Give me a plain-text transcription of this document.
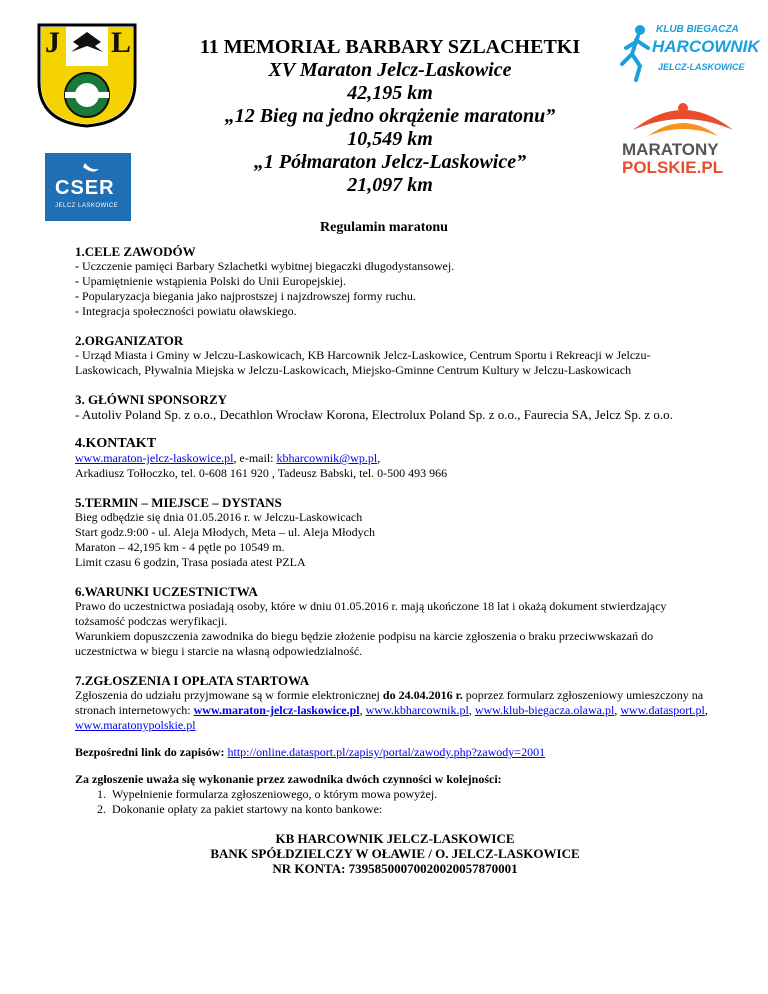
J L
CSER
JELCZ LASKOWICE
KLUB BIEGACZA
HARCOWNIK
JELCZ-LASKOWICE
MARATONY
POLSKIE.PL
11 MEMORIAŁ BARBARY SZLACHETKI
XV Maraton Jelcz-Laskowice
42,195 km
„12 Bieg na jedno okrążenie maratonu”
10,549 km
„1 Półmaraton Jelcz-Laskowice”
21,097 km
Regulamin maratonu

1.CELE ZAWODÓW

- Uczczenie pamięci Barbary Szlachetki wybitnej biegaczki długodystansowej.

- Upamiętnienie wstąpienia Polski do Unii Europejskiej.

- Popularyzacja biegania jako najprostszej i najzdrowszej formy ruchu.

- Integracja społeczności powiatu oławskiego.

2.ORGANIZATOR

- Urząd Miasta i Gminy w Jelczu-Laskowicach, KB Harcownik Jelcz-Laskowice, Centrum Sportu i Rekreacji w Jelczu-Laskowicach, Pływalnia Miejska w Jelczu-Laskowicach, Miejsko-Gminne Centrum Kultury w Jelczu-Laskowicach

3. GŁÓWNI SPONSORZY

- Autoliv Poland Sp. z o.o., Decathlon Wrocław Korona, Electrolux Poland Sp. z o.o., Faurecia SA, Jelcz Sp. z o.o.

4.KONTAKT

www.maraton-jelcz-laskowice.pl, e-mail: kbharcownik@wp.pl,

Arkadiusz Tołłoczko, tel. 0-608 161 920 , Tadeusz Babski, tel. 0-500 493 966

5.TERMIN – MIEJSCE – DYSTANS

Bieg odbędzie się dnia 01.05.2016 r. w Jelczu-Laskowicach

Start godz.9:00 - ul. Aleja Młodych, Meta – ul. Aleja Młodych

Maraton – 42,195 km - 4 pętle po 10549 m.

Limit czasu 6 godzin, Trasa posiada atest PZLA

6.WARUNKI UCZESTNICTWA

Prawo do uczestnictwa posiadają osoby, które w dniu 01.05.2016 r. mają ukończone 18 lat i okażą dokument stwierdzający tożsamość podczas weryfikacji.

Warunkiem dopuszczenia zawodnika do biegu będzie złożenie podpisu na karcie zgłoszenia o braku przeciwwskazań do uczestnictwa w biegu i starcie na własną odpowiedzialność.

7.ZGŁOSZENIA I OPŁATA STARTOWA

Zgłoszenia do udziału przyjmowane są w formie elektronicznej do 24.04.2016 r. poprzez formularz zgłoszeniowy umieszczony na stronach internetowych: www.maraton-jelcz-laskowice.pl, www.kbharcownik.pl, www.klub-biegacza.olawa.pl, www.datasport.pl, www.maratonypolskie.pl

Bezpośredni link do zapisów: http://online.datasport.pl/zapisy/portal/zawody.php?zawody=2001

Za zgłoszenie uważa się wykonanie przez zawodnika dwóch czynności w kolejności:

1. Wypełnienie formularza zgłoszeniowego, o którym mowa powyżej.

2. Dokonanie opłaty za pakiet startowy na konto bankowe:

KB HARCOWNIK JELCZ-LASKOWICE
BANK SPÓŁDZIELCZY W OŁAWIE / O. JELCZ-LASKOWICE
NR KONTA: 73958500070020020057870001
